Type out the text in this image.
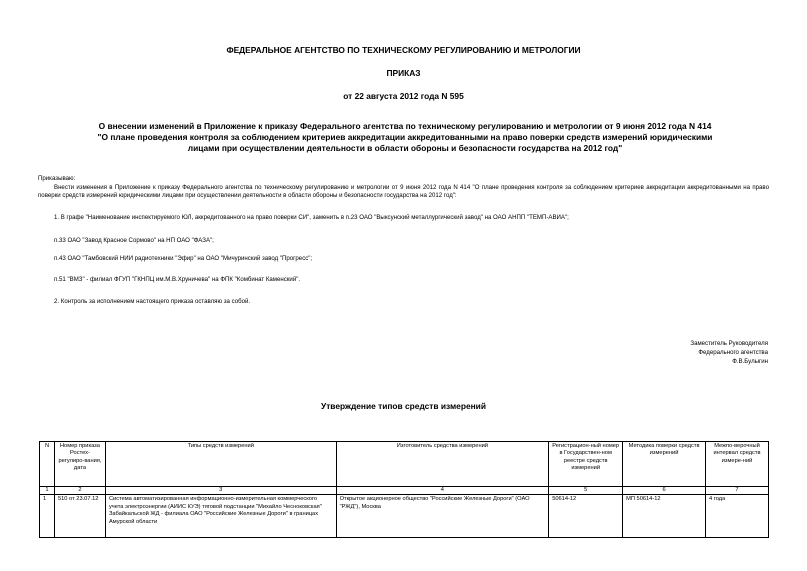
ФЕДЕРАЛЬНОЕ АГЕНТСТВО ПО ТЕХНИЧЕСКОМУ РЕГУЛИРОВАНИЮ И МЕТРОЛОГИИ
ПРИКАЗ
от 22 августа 2012 года N 595
О внесении изменений в Приложение к приказу Федерального агентства по техническому регулированию и метрологии от 9 июня 2012 года N 414 "О плане проведения контроля за соблюдением критериев аккредитации аккредитованными на право поверки средств измерений юридическими лицами при осуществлении деятельности в области обороны и безопасности государства на 2012 год"
Приказываю:
Внести изменения в Приложение к приказу Федерального агентства по техническому регулированию и метрологии от 9 июня 2012 года N 414 "О плане проведения контроля за соблюдением критериев аккредитации аккредитованными на право поверки средств измерений юридическими лицами при осуществлении деятельности в области обороны и безопасности государства на 2012 год":
1. В графе "Наименование инспектируемого ЮЛ, аккредитованного на право поверки СИ", заменить в п.23 ОАО "Выксунский металлургический завод" на ОАО АНПП "ТЕМП-АВИА";
п.33 ОАО "Завод Красное Сормово" на НП ОАО "ФАЗА";
п.43 ОАО "Тамбовский НИИ радиотехники "Эфир" на ОАО "Мичуринский завод "Прогресс";
п.51 "ВМЗ" - филиал ФГУП "ГКНПЦ им.М.В.Хруничева" на ФПК "Комбинат Каменский".
2. Контроль за исполнением настоящего приказа оставляю за собой.
Заместитель Руководителя
Федерального агентства
Ф.В.Булыгин
Утверждение типов средств измерений
N	Номер приказа Ростех-регулиро-вания, дата	Типы средств измерений	Изготовитель средства измерений	Регистрацион-ный номер в Государствен-ном реестре средств измерений	Методика поверки средств измерений	Межпо-верочный интервал средств измере-ний
1	2	3	4	5	6	7
1	510 от 23.07.12	Система автоматизированная информационно-измерительная коммерческого учета электроэнергии (АИИС КУЭ) тяговой подстанции "Михайло Чесноковская" Забайкальской ЖД - филиала ОАО "Российские Железные Дороги" в границах Амурской области	Открытое акционерное общество "Российские Железные Дороги" (ОАО "РЖД"), Москва	50614-12	МП 50614-12	4 года
